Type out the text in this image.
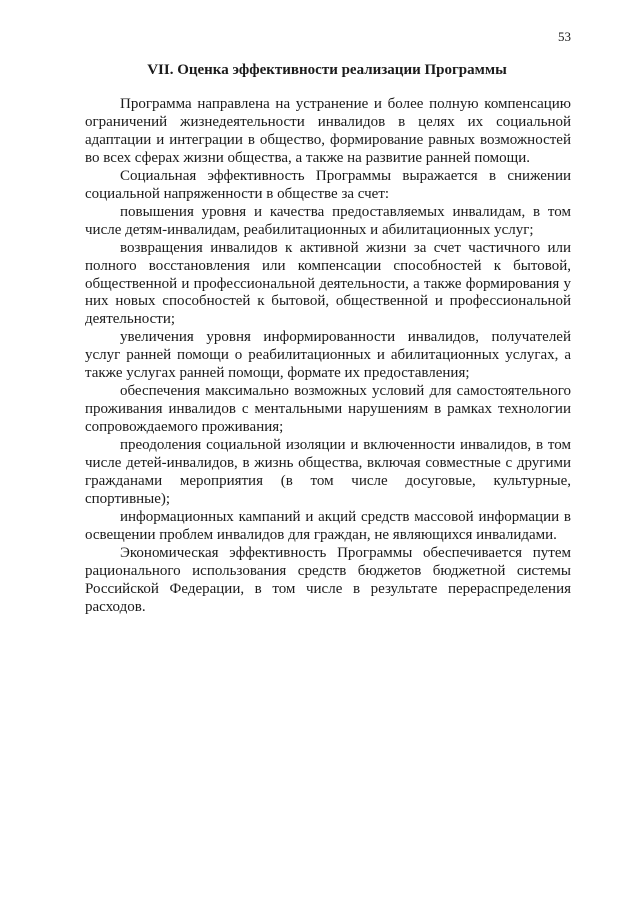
53
VII. Оценка эффективности реализации Программы

Программа направлена на устранение и более полную компенсацию ограничений жизнедеятельности инвалидов в целях их социальной адаптации и интеграции в общество, формирование равных возможностей во всех сферах жизни общества, а также на развитие ранней помощи.

Социальная эффективность Программы выражается в снижении социальной напряженности в обществе за счет:

повышения уровня и качества предоставляемых инвалидам, в том числе детям-инвалидам, реабилитационных и абилитационных услуг;

возвращения инвалидов к активной жизни за счет частичного или полного восстановления или компенсации способностей к бытовой, общественной и профессиональной деятельности, а также формирования у них новых способностей к бытовой, общественной и профессиональной деятельности;

увеличения уровня информированности инвалидов, получателей услуг ранней помощи о реабилитационных и абилитационных услугах, а также услугах ранней помощи, формате их предоставления;

обеспечения максимально возможных условий для самостоятельного проживания инвалидов с ментальными нарушениям в рамках технологии сопровождаемого проживания;

преодоления социальной изоляции и включенности инвалидов, в том числе детей-инвалидов, в жизнь общества, включая совместные с другими гражданами мероприятия (в том числе досуговые, культурные, спортивные);

информационных кампаний и акций средств массовой информации в освещении проблем инвалидов для граждан, не являющихся инвалидами.

Экономическая эффективность Программы обеспечивается путем рационального использования средств бюджетов бюджетной системы Российской Федерации, в том числе в результате перераспределения расходов.
